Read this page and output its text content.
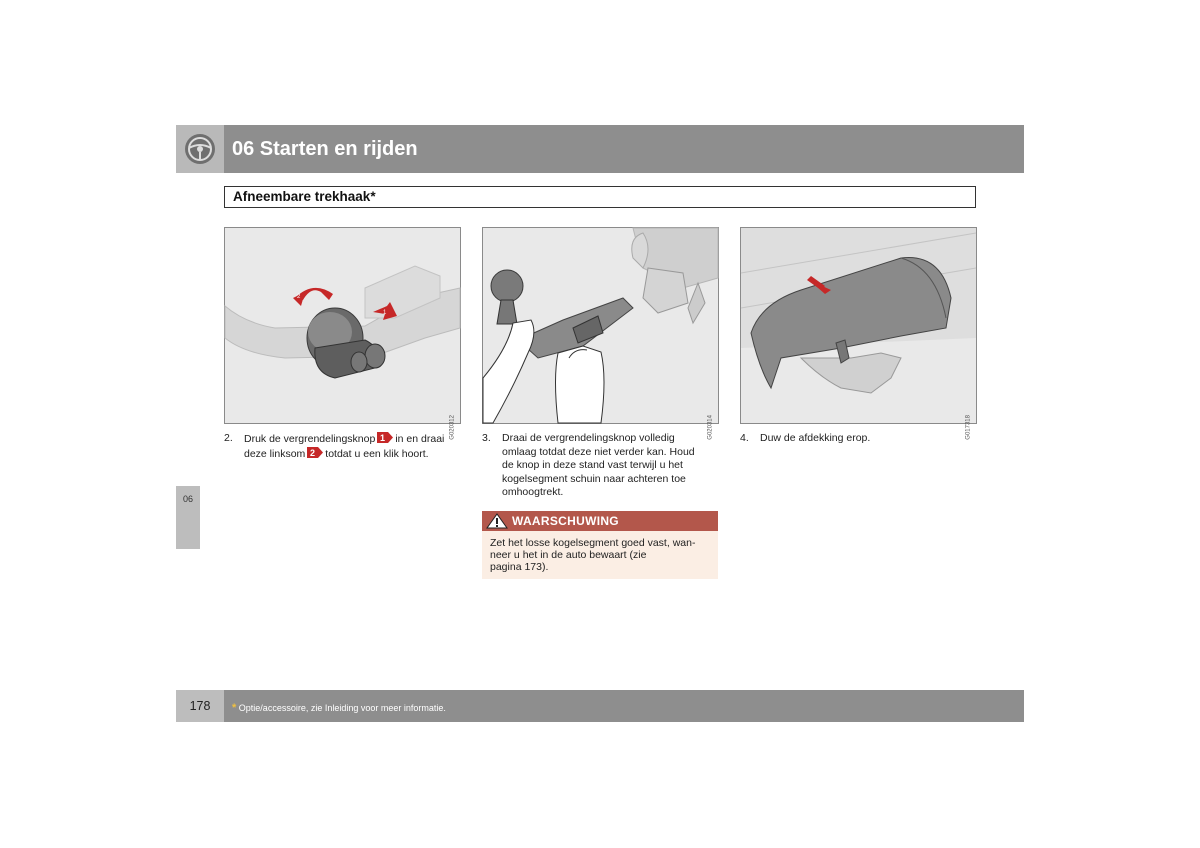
06 Starten en rijden
Afneembare trekhaak*
06
2
1
G020312	G020314	G017318
2. Druk de vergrendelingsknop 1 in en draai
deze linksom 2 totdat u een klik hoort.
3. Draai de vergrendelingsknop volledig
omlaag totdat deze niet verder kan. Houd
de knop in deze stand vast terwijl u het
kogelsegment schuin naar achteren toe
omhoogtrekt.
4. Duw de afdekking erop.
WAARSCHUWING
Zet het losse kogelsegment goed vast, wan-
neer u het in de auto bewaart (zie
pagina 173).
178	* Optie/accessoire, zie Inleiding voor meer informatie.
